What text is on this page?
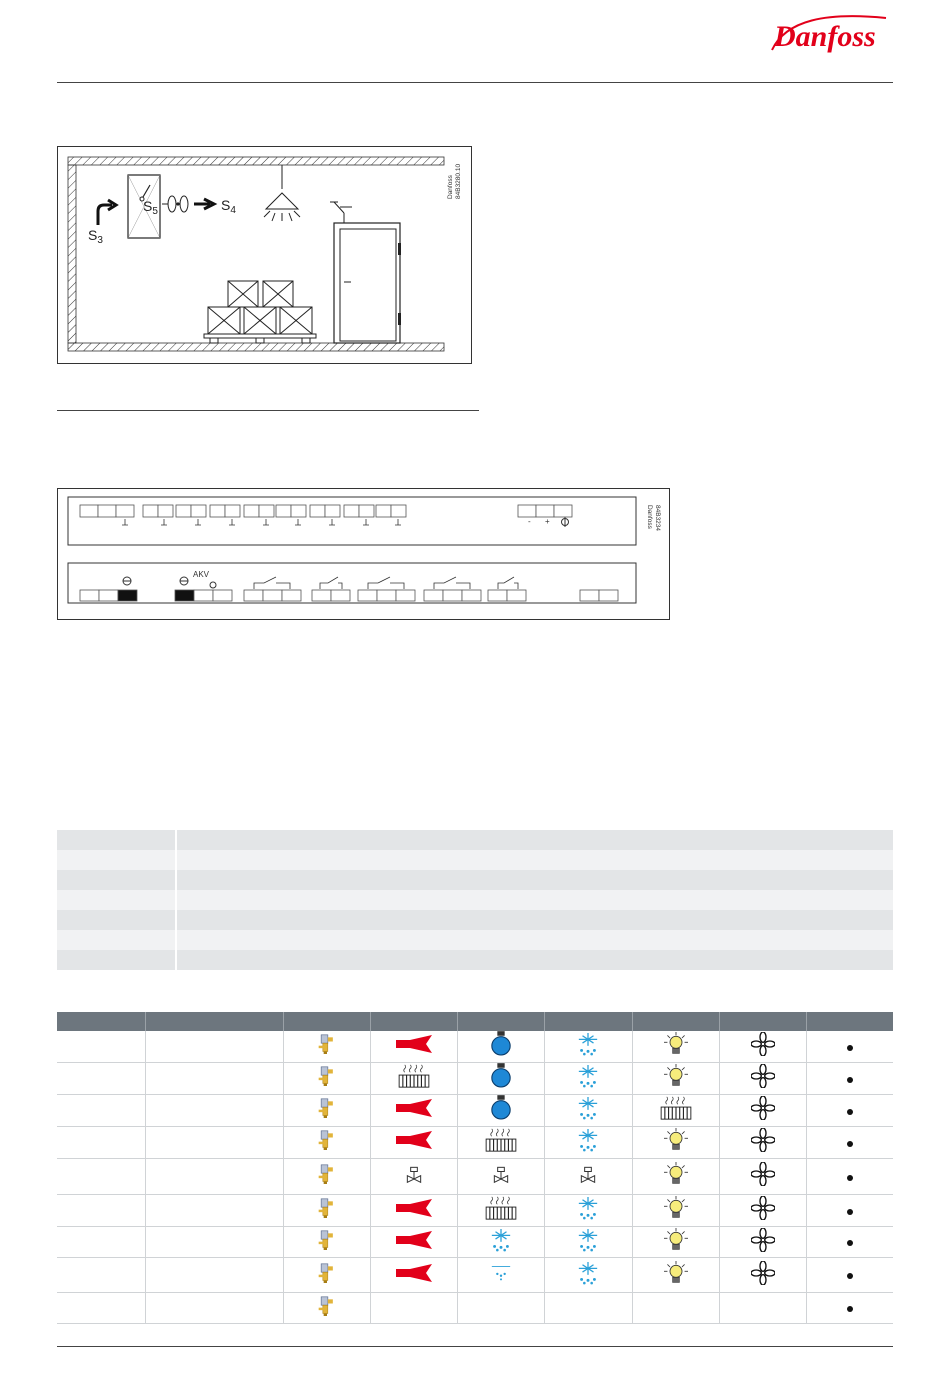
Danfoss
$S_5$	$S_4$
$S_3$
Danfoss 84B3280.10
- +
AKV
Danfoss 84B3234
